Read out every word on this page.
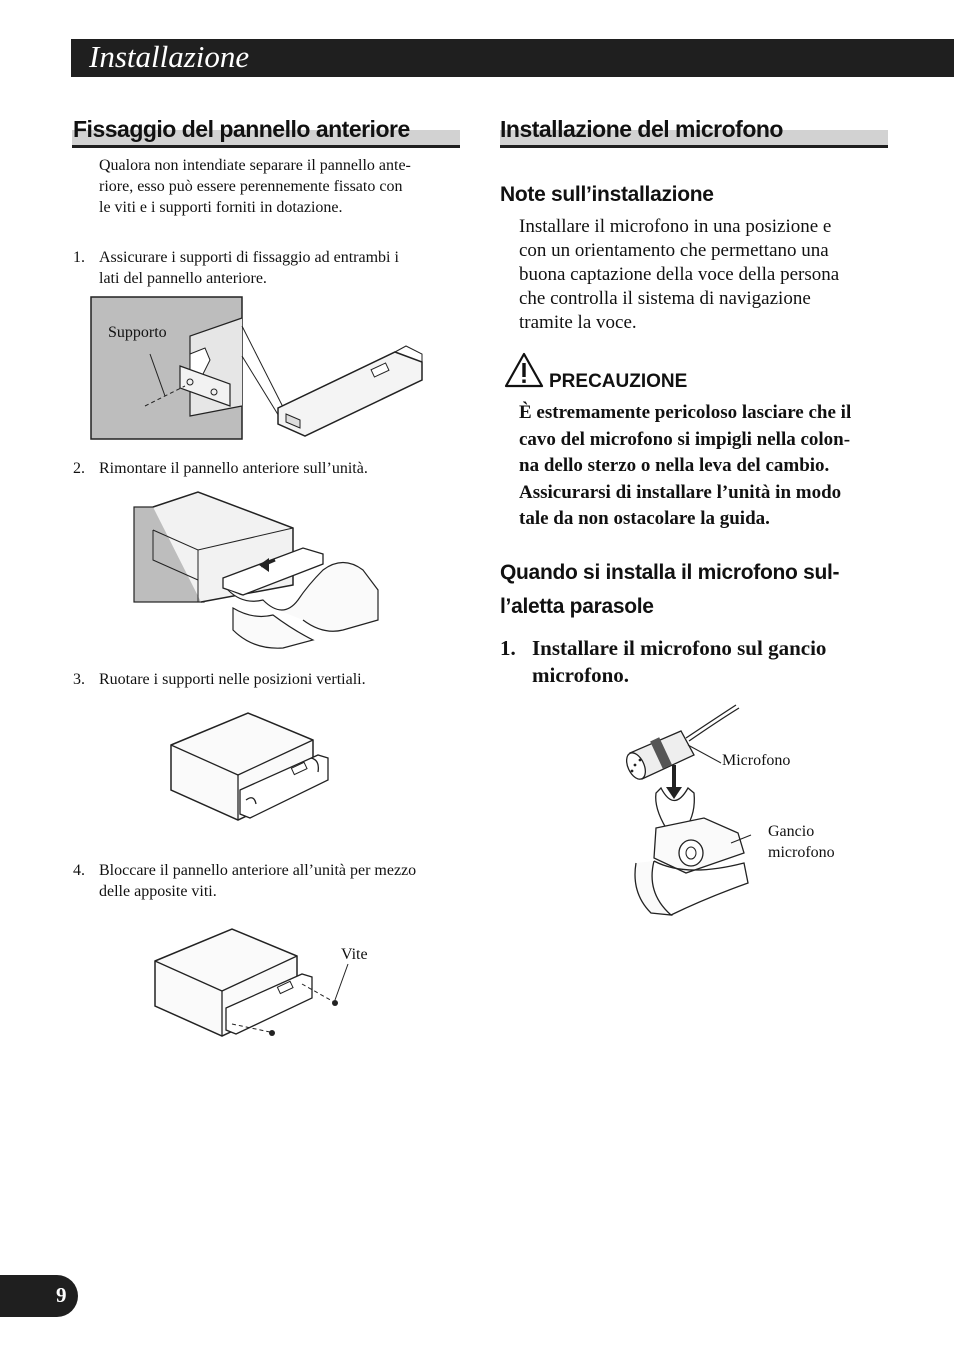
Installazione
Fissaggio del pannello anteriore
Qualora non intendiate separare il pannello ante-
riore, esso può essere perennemente fissato con
le viti e i supporti forniti in dotazione.
1. Assicurare i supporti di fissaggio ad entrambi i
lati del pannello anteriore.
Supporto
2. Rimontare il pannello anteriore sull’unità.
3. Ruotare i supporti nelle posizioni vertiali.
4. Bloccare il pannello anteriore all’unità per mezzo
delle apposite viti.
Vite
Installazione del microfono
Note sull’installazione
Installare il microfono in una posizione e
con un orientamento che permettano una
buona captazione della voce della persona
che controlla il sistema di navigazione
tramite la voce.
PRECAUZIONE
È estremamente pericoloso lasciare che il
cavo del microfono si impigli nella colon-
na dello sterzo o nella leva del cambio.
Assicurarsi di installare l’unità in modo
tale da non ostacolare la guida.
Quando si installa il microfono sul-
l’aletta parasole
1. Installare il microfono sul gancio
microfono.
Microfono
Gancio
microfono
9
